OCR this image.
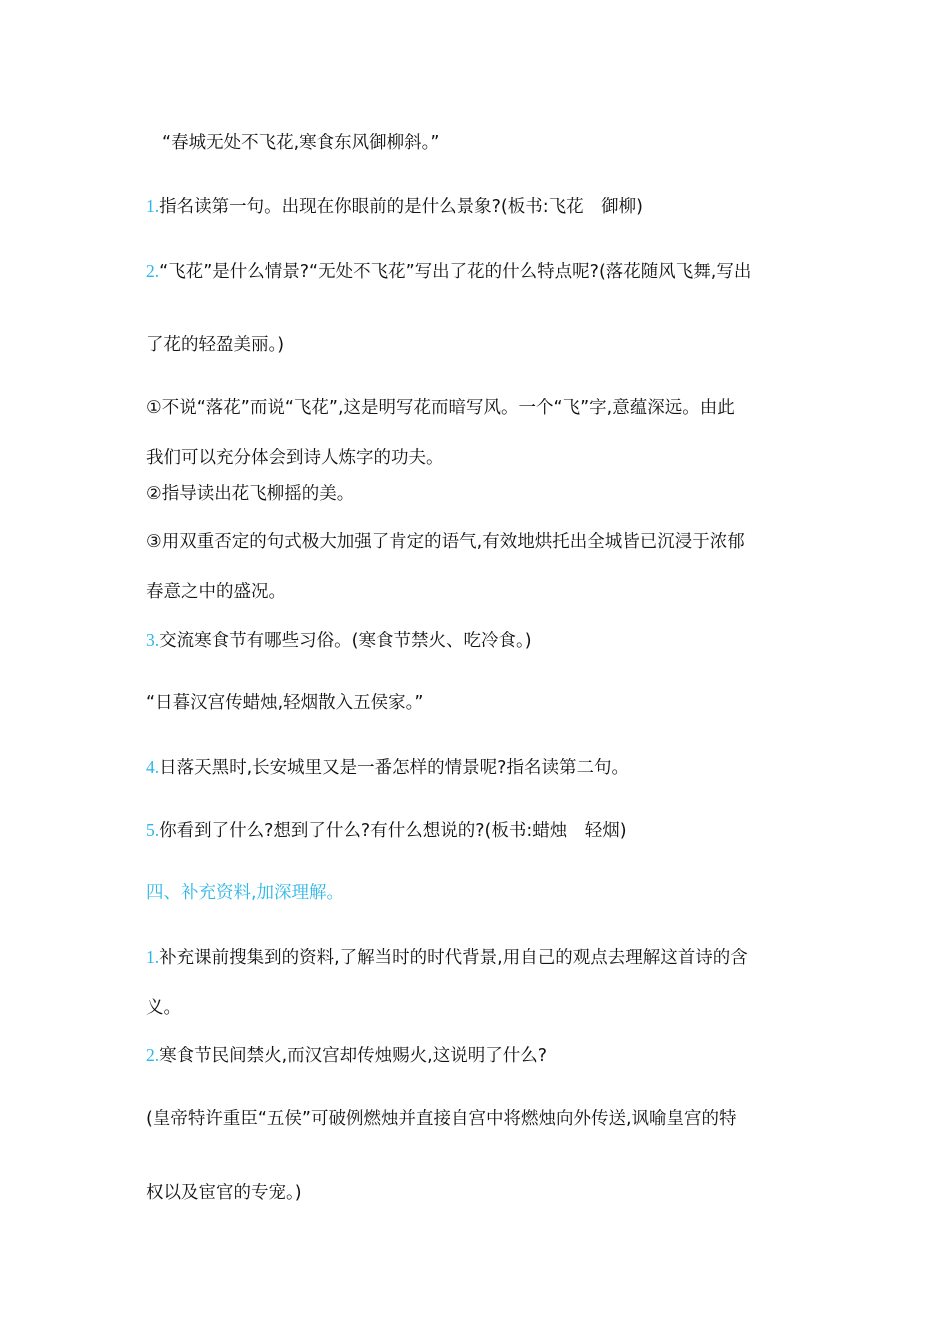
“春城无处不飞花,寒食东风御柳斜。”
1.指名读第一句。出现在你眼前的是什么景象?(板书:飞花　御柳)
2.“飞花”是什么情景?“无处不飞花”写出了花的什么特点呢?(落花随风飞舞,写出
了花的轻盈美丽。)
①不说“落花”而说“飞花”,这是明写花而暗写风。一个“飞”字,意蕴深远。由此
我们可以充分体会到诗人炼字的功夫。
②指导读出花飞柳摇的美。
③用双重否定的句式极大加强了肯定的语气,有效地烘托出全城皆已沉浸于浓郁
春意之中的盛况。
3.交流寒食节有哪些习俗。(寒食节禁火、吃冷食。)
“日暮汉宫传蜡烛,轻烟散入五侯家。”
4.日落天黑时,长安城里又是一番怎样的情景呢?指名读第二句。
5.你看到了什么?想到了什么?有什么想说的?(板书:蜡烛　轻烟)
四、补充资料,加深理解。
1.补充课前搜集到的资料,了解当时的时代背景,用自己的观点去理解这首诗的含
义。
2.寒食节民间禁火,而汉宫却传烛赐火,这说明了什么?
(皇帝特许重臣“五侯”可破例燃烛并直接自宫中将燃烛向外传送,讽喻皇宫的特
权以及宦官的专宠。)
